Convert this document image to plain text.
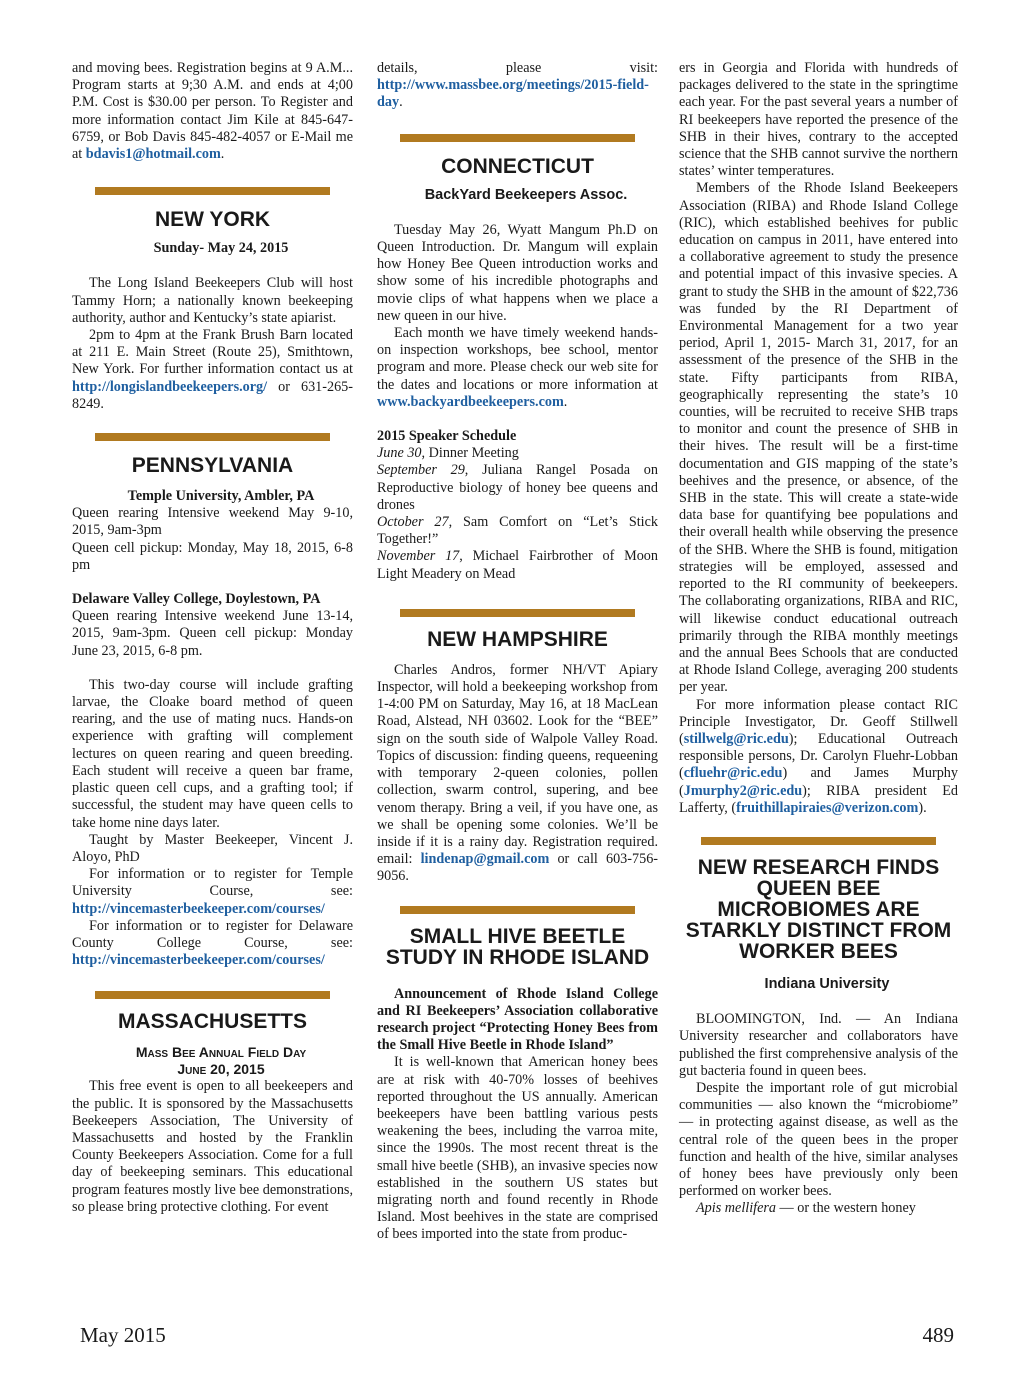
and moving bees. Registration begins at 9 A.M... Program starts at 9;30 A.M. and ends at 4;00 P.M. Cost is $30.00 per person. To Register and more information contact Jim Kile at 845-647-6759, or Bob Davis 845-482-4057 or E-Mail me at bdavis1@hotmail.com.

NEW YORK

Sunday- May 24, 2015

The Long Island Beekeepers Club will host Tammy Horn; a nationally known beekeeping authority, author and Kentucky’s state apiarist.

2pm to 4pm at the Frank Brush Barn located at 211 E. Main Street (Route 25), Smithtown, New York. For further information contact us at http://longislandbeekeepers.org/ or 631-265-8249.

PENNSYLVANIA

Temple University, Ambler, PA

Queen rearing Intensive weekend May 9-10, 2015, 9am-3pm

Queen cell pickup: Monday, May 18, 2015, 6-8 pm

Delaware Valley College, Doylestown, PA

Queen rearing Intensive weekend June 13-14, 2015, 9am-3pm. Queen cell pickup: Monday June 23, 2015, 6-8 pm.

This two-day course will include grafting larvae, the Cloake board method of queen rearing, and the use of mating nucs. Hands-on experience with grafting will complement lectures on queen rearing and queen breeding. Each student will receive a queen bar frame, plastic queen cell cups, and a grafting tool; if successful, the student may have queen cells to take home nine days later.

Taught by Master Beekeeper, Vincent J. Aloyo, PhD

For information or to register for Temple University Course, see: http://vincemasterbeekeeper.com/courses/

For information or to register for Delaware County College Course, see: http://vincemasterbeekeeper.com/courses/

MASSACHUSETTS

Mass Bee Annual Field Day

June 20, 2015

This free event is open to all beekeepers and the public. It is sponsored by the Massachusetts Beekeepers Association, The University of Massachusetts and hosted by the Franklin County Beekeepers Association. Come for a full day of beekeeping seminars. This educational program features mostly live bee demonstrations, so please bring protective clothing. For event

details, please visit: http://www.massbee.org/meetings/2015-field-day.

CONNECTICUT

BackYard Beekeepers Assoc.

Tuesday May 26, Wyatt Mangum Ph.D on Queen Introduction. Dr. Mangum will explain how Honey Bee Queen introduction works and show some of his incredible photographs and movie clips of what happens when we place a new queen in our hive.

Each month we have timely weekend hands-on inspection workshops, bee school, mentor program and more. Please check our web site for the dates and locations or more information at www.backyardbeekeepers.com.

2015 Speaker Schedule

June 30, Dinner Meeting

September 29, Juliana Rangel Posada on Reproductive biology of honey bee queens and drones

October 27, Sam Comfort on “Let’s Stick Together!”

November 17, Michael Fairbrother of Moon Light Meadery on Mead

NEW HAMPSHIRE

Charles Andros, former NH/VT Apiary Inspector, will hold a beekeeping workshop from 1-4:00 PM on Saturday, May 16, at 18 MacLean Road, Alstead, NH 03602. Look for the “BEE” sign on the south side of Walpole Valley Road. Topics of discussion: finding queens, requeening with temporary 2-queen colonies, pollen collection, swarm control, supering, and bee venom therapy. Bring a veil, if you have one, as we shall be opening some colonies. We’ll be inside if it is a rainy day. Registration required. email: lindenap@gmail.com or call 603-756-9056.

SMALL HIVE BEETLE STUDY IN RHODE ISLAND

Announcement of Rhode Island College and RI Beekeepers’ Association collaborative research project “Protecting Honey Bees from the Small Hive Beetle in Rhode Island”

It is well-known that American honey bees are at risk with 40-70% losses of beehives reported throughout the US annually. American beekeepers have been battling various pests weakening the bees, including the varroa mite, since the 1990s. The most recent threat is the small hive beetle (SHB), an invasive species now established in the southern US states but migrating north and found recently in Rhode Island. Most beehives in the state are comprised of bees imported into the state from produc-

ers in Georgia and Florida with hundreds of packages delivered to the state in the springtime each year. For the past several years a number of RI beekeepers have reported the presence of the SHB in their hives, contrary to the accepted science that the SHB cannot survive the northern states’ winter temperatures.

Members of the Rhode Island Beekeepers Association (RIBA) and Rhode Island College (RIC), which established beehives for public education on campus in 2011, have entered into a collaborative agreement to study the presence and potential impact of this invasive species. A grant to study the SHB in the amount of $22,736 was funded by the RI Department of Environmental Management for a two year period, April 1, 2015- March 31, 2017, for an assessment of the presence of the SHB in the state. Fifty participants from RIBA, geographically representing the state’s 10 counties, will be recruited to receive SHB traps to monitor and count the presence of SHB in their hives. The result will be a first-time documentation and GIS mapping of the state’s beehives and the presence, or absence, of the SHB in the state. This will create a state-wide data base for quantifying bee populations and their overall health while observing the presence of the SHB. Where the SHB is found, mitigation strategies will be employed, assessed and reported to the RI community of beekeepers. The collaborating organizations, RIBA and RIC, will likewise conduct educational outreach primarily through the RIBA monthly meetings and the annual Bees Schools that are conducted at Rhode Island College, averaging 200 students per year.

For more information please contact RIC Principle Investigator, Dr. Geoff Stillwell (stillwelg@ric.edu); Educational Outreach responsible persons, Dr. Carolyn Fluehr-Lobban (cfluehr@ric.edu) and James Murphy (Jmurphy2@ric.edu); RIBA president Ed Lafferty, (fruithillapiraies@verizon.com).

NEW RESEARCH FINDS QUEEN BEE MICROBIOMES ARE STARKLY DISTINCT FROM WORKER BEES

Indiana University

BLOOMINGTON, Ind. — An Indiana University researcher and collaborators have published the first comprehensive analysis of the gut bacteria found in queen bees.

Despite the important role of gut microbial communities — also known the “microbiome” — in protecting against disease, as well as the central role of the queen bees in the proper function and health of the hive, similar analyses of honey bees have previously only been performed on worker bees.

Apis mellifera — or the western honey

May 2015	489
